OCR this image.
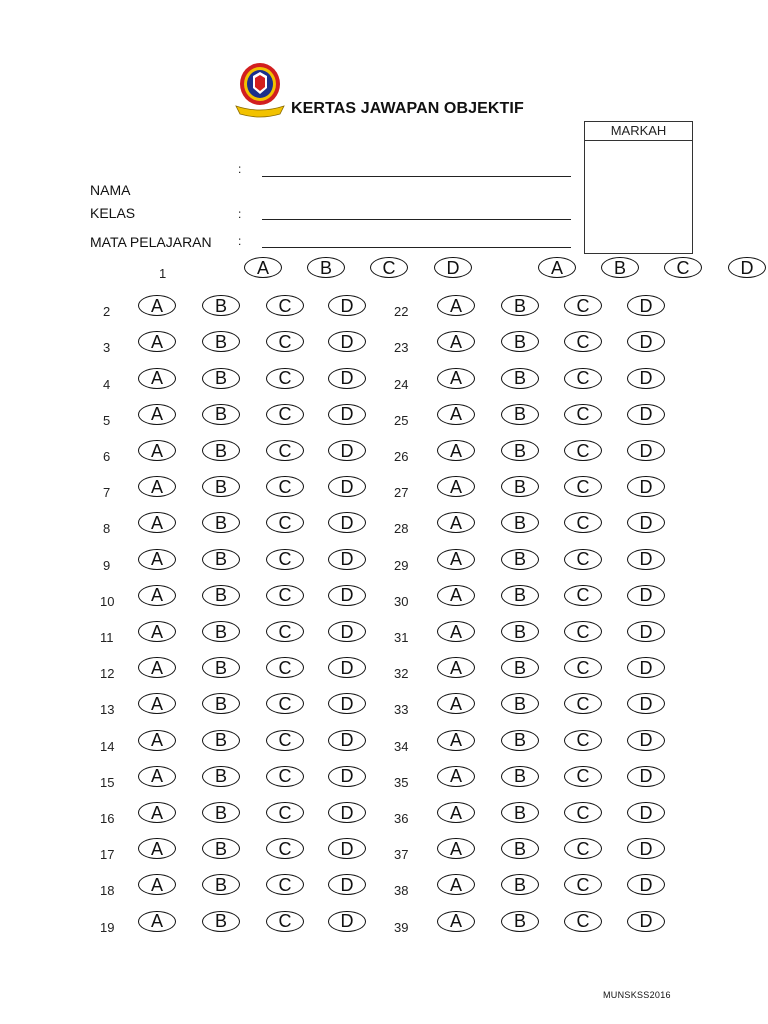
KERTAS JAWAPAN OBJEKTIF
MARKAH
:
NAMA
KELAS	:
MATA PELAJARAN :
1	A	B	C	D
2	A	B	C	D
3	A	B	C	D
4	A	B	C	D
5	A	B	C	D
6	A	B	C	D
7	A	B	C	D
8	A	B	C	D
9	A	B	C	D
10	A	B	C	D
11	A	B	C	D
12	A	B	C	D
13	A	B	C	D
14	A	B	C	D
15	A	B	C	D
16	A	B	C	D
17	A	B	C	D
18	A	B	C	D
19	A	B	C	D
A	B	C	D
22	A	B	C	D
23	A	B	C	D
24	A	B	C	D
25	A	B	C	D
26	A	B	C	D
27	A	B	C	D
28	A	B	C	D
29	A	B	C	D
30	A	B	C	D
31	A	B	C	D
32	A	B	C	D
33	A	B	C	D
34	A	B	C	D
35	A	B	C	D
36	A	B	C	D
37	A	B	C	D
38	A	B	C	D
39	A	B	C	D
MUNSKSS2016
